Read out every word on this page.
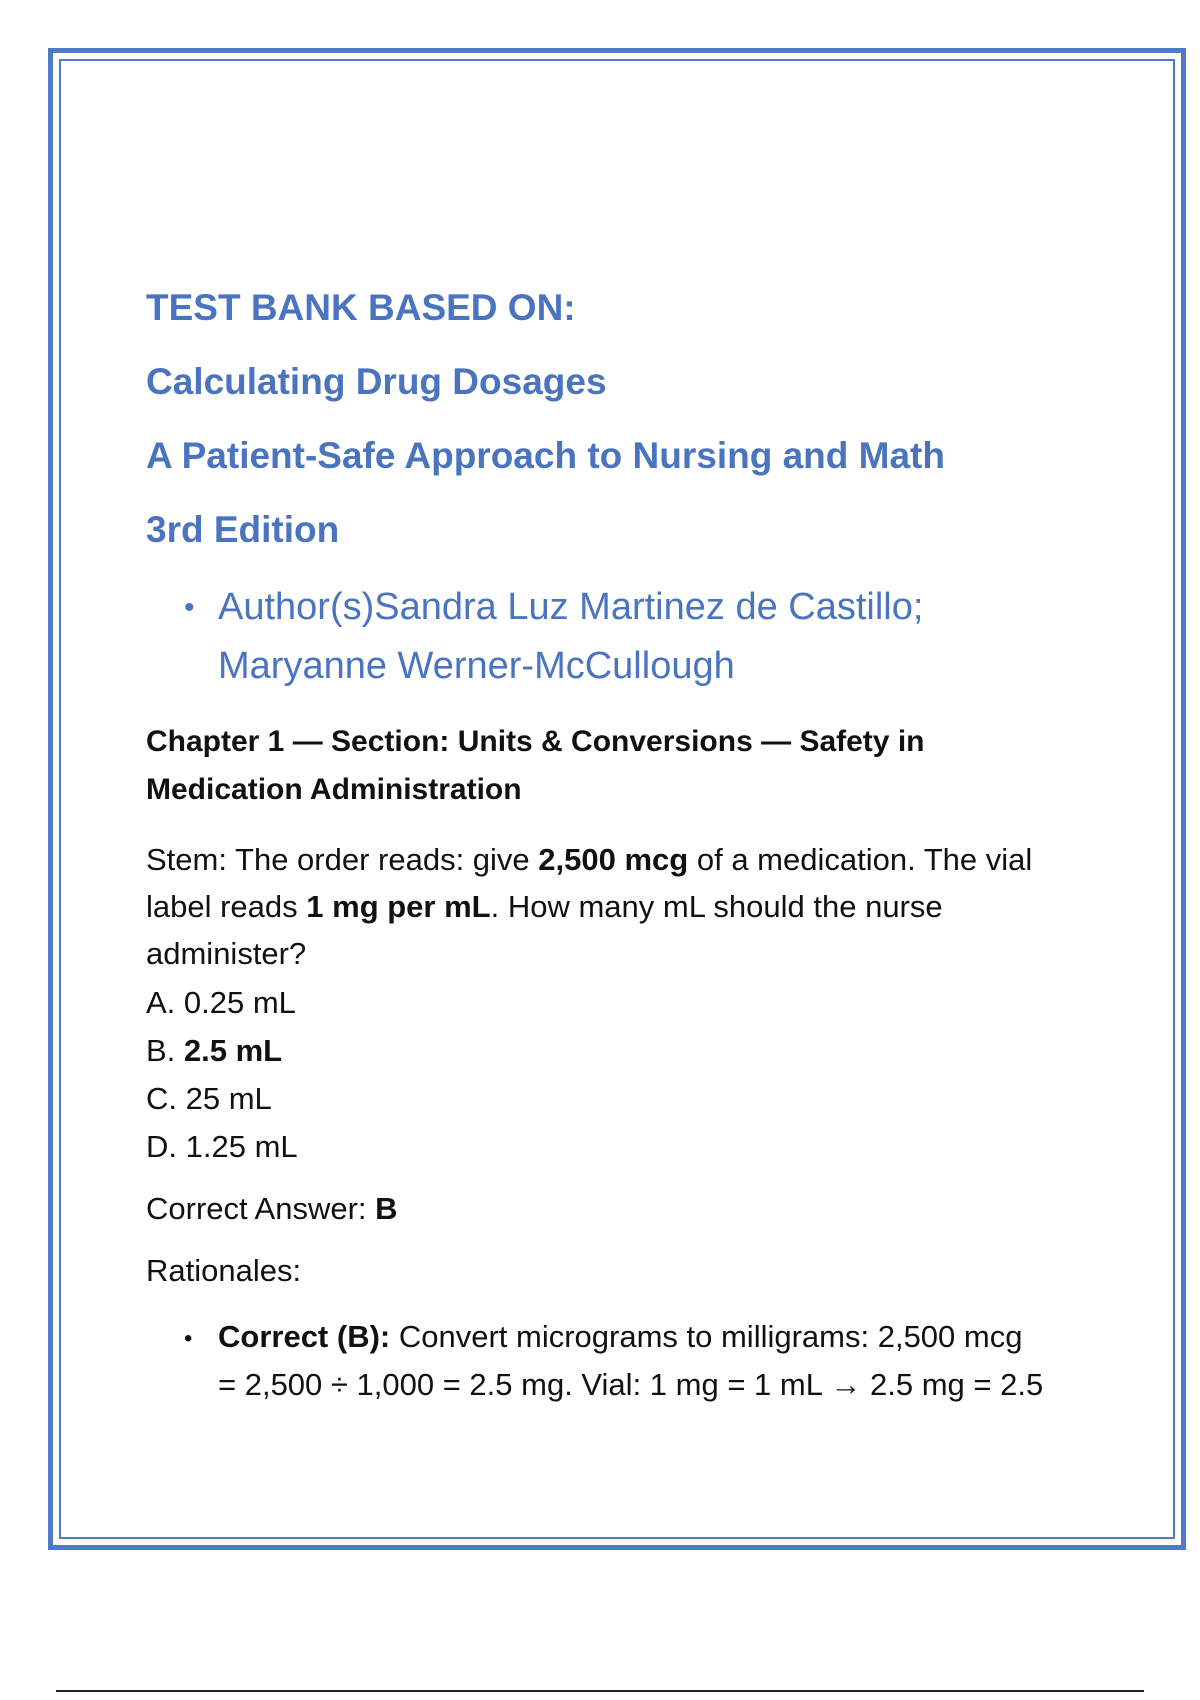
TEST BANK BASED ON:
Calculating Drug Dosages
A Patient-Safe Approach to Nursing and Math
3rd Edition
• Author(s)Sandra Luz Martinez de Castillo;
Maryanne Werner-McCullough
Chapter 1 — Section: Units & Conversions — Safety in
Medication Administration
Stem: The order reads: give 2,500 mcg of a medication. The vial
label reads 1 mg per mL. How many mL should the nurse
administer?
A. 0.25 mL
B. 2.5 mL
C. 25 mL
D. 1.25 mL
Correct Answer: B
Rationales:
• Correct (B): Convert micrograms to milligrams: 2,500 mcg
= 2,500 ÷ 1,000 = 2.5 mg. Vial: 1 mg = 1 mL → 2.5 mg = 2.5
